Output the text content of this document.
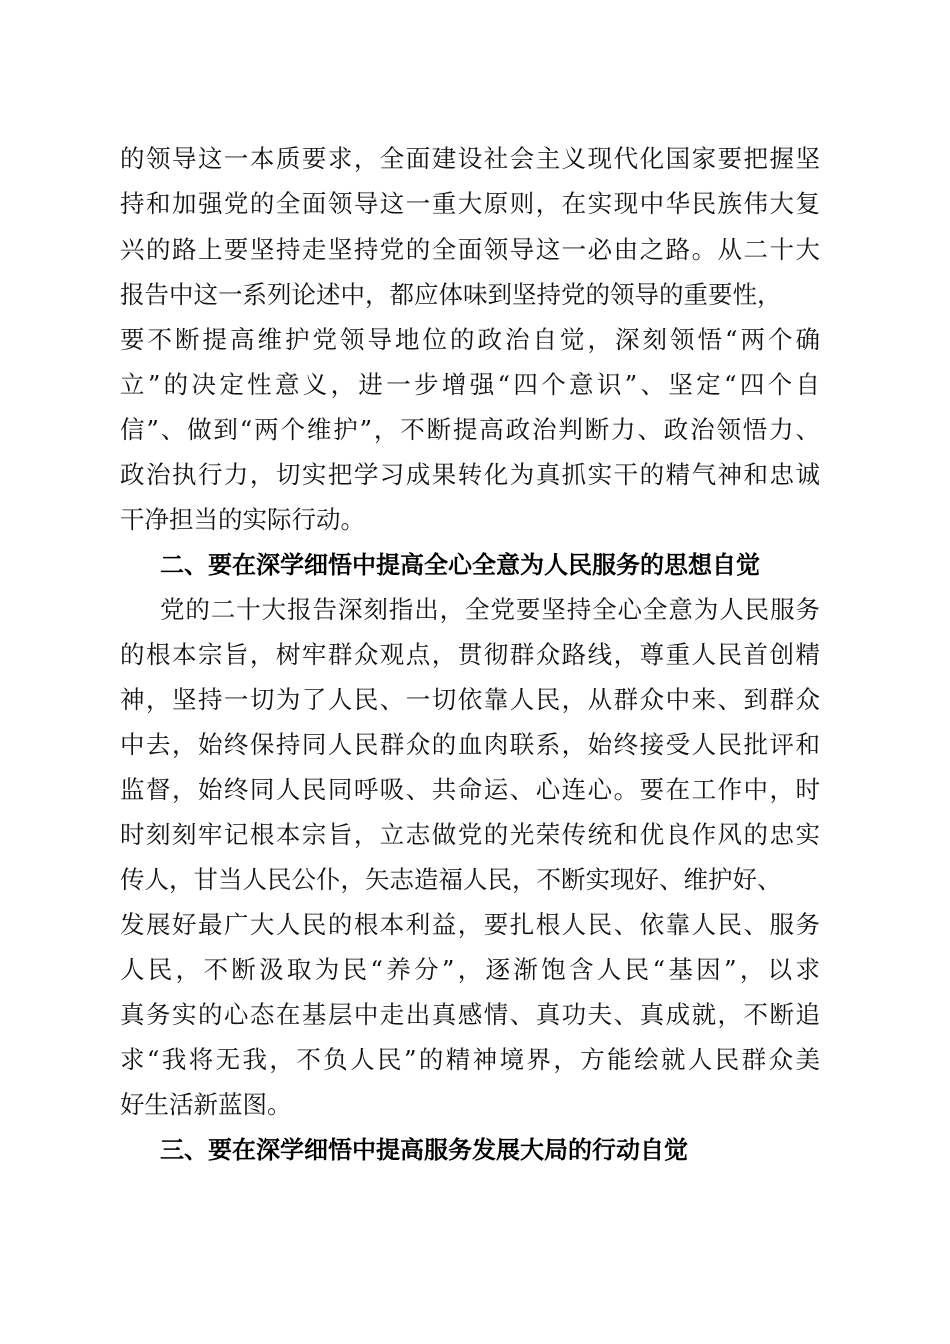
的领导这一本质要求，全面建设社会主义现代化国家要把握坚
持和加强党的全面领导这一重大原则，在实现中华民族伟大复
兴的路上要坚持走坚持党的全面领导这一必由之路。从二十大
报告中这一系列论述中，都应体味到坚持党的领导的重要性，
要不断提高维护党领导地位的政治自觉，深刻领悟“两个确
立”的决定性意义，进一步增强“四个意识”、坚定“四个自
信”、做到“两个维护”，不断提高政治判断力、政治领悟力、
政治执行力，切实把学习成果转化为真抓实干的精气神和忠诚
干净担当的实际行动。
二、要在深学细悟中提高全心全意为人民服务的思想自觉
党的二十大报告深刻指出，全党要坚持全心全意为人民服务
的根本宗旨，树牢群众观点，贯彻群众路线，尊重人民首创精
神，坚持一切为了人民、一切依靠人民，从群众中来、到群众
中去，始终保持同人民群众的血肉联系，始终接受人民批评和
监督，始终同人民同呼吸、共命运、心连心。要在工作中，时
时刻刻牢记根本宗旨，立志做党的光荣传统和优良作风的忠实
传人，甘当人民公仆，矢志造福人民，不断实现好、维护好、
发展好最广大人民的根本利益，要扎根人民、依靠人民、服务
人民，不断汲取为民“养分”，逐渐饱含人民“基因”，以求
真务实的心态在基层中走出真感情、真功夫、真成就，不断追
求“我将无我，不负人民”的精神境界，方能绘就人民群众美
好生活新蓝图。
三、要在深学细悟中提高服务发展大局的行动自觉
